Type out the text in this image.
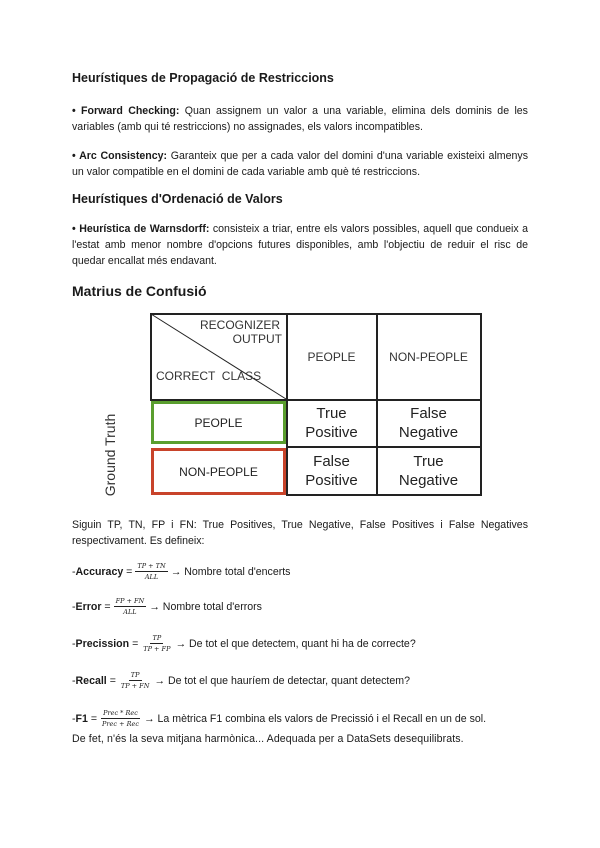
Heurístiques de Propagació de Restriccions

• Forward Checking: Quan assignem un valor a una variable, elimina dels dominis de les variables (amb qui té restriccions) no assignades, els valors incompatibles.

• Arc Consistency: Garanteix que per a cada valor del domini d'una variable existeixi almenys un valor compatible en el domini de cada variable amb què té restriccions.

Heurístiques d'Ordenació de Valors

• Heurística de Warnsdorff: consisteix a triar, entre els valors possibles, aquell que condueix a l'estat amb menor nombre d'opcions futures disponibles, amb l'objectiu de reduir el risc de quedar encallat més endavant.

Matrius de Confusió
RECOGNIZER
OUTPUT
CORRECT  CLASS
PEOPLE	NON-PEOPLE
True
Positive
False
Negative
False
Positive
True
Negative
PEOPLE
NON-PEOPLE
Ground Truth

Siguin TP, TN, FP i FN: True Positives, True Negative, False Positives i False Negatives respectivament. Es defineix:

- Accuracy = $\frac{TP + TN}{\text{ALL}}$ → Nombre total d'encerts
- Error = $\frac{FP + FN}{\text{ALL}}$ → Nombre total d'errors
- Precission = $\frac{TP}{TP + FP} \to De$ tot el que detectem, quant hi ha de correcte?
- Recall = $\frac{TP}{TP + FN} \to De$ tot el que hauríem de detectar, quant detectem?
- $F1 = \frac{\text{Prec * Rec}}{\text{Prec + Rec}} \to La$ mètrica F1 combina els valors de Precissió i el Recall en un de sol.

De fet, n'és la seva mitjana harmònica... Adequada per a DataSets desequilibrats.
